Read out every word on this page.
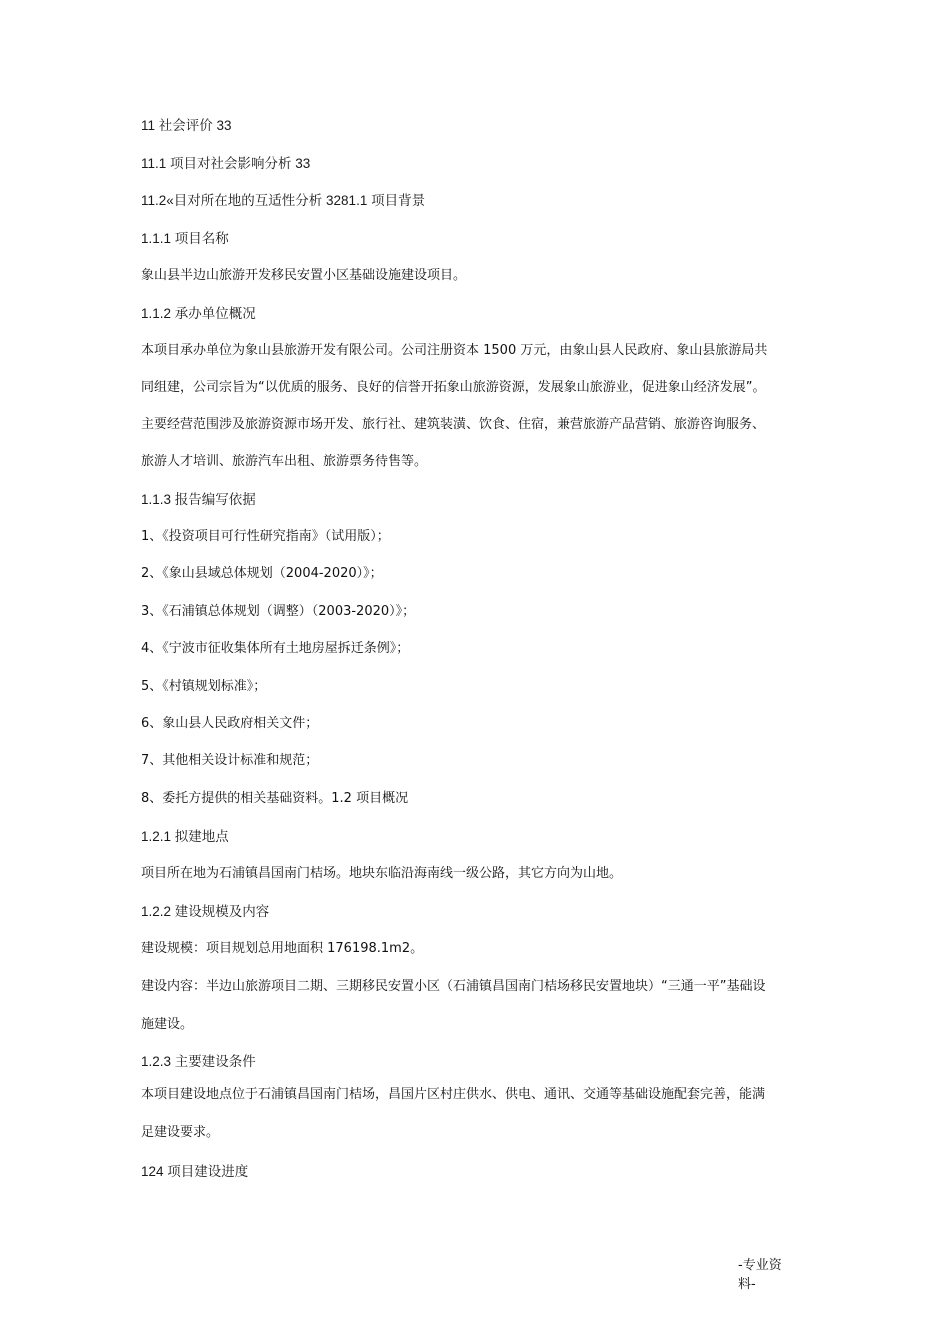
11 社会评价 33
11.1 项目对社会影响分析 33
11.2«目对所在地的互适性分析 3281.1 项目背景
1.1.1 项目名称
象山县半边山旅游开发移民安置小区基础设施建设项目。
1.1.2 承办单位概况
本项目承办单位为象山县旅游开发有限公司。公司注册资本 1500 万元，由象山县人民政府、象山县旅游局共
同组建，公司宗旨为“以优质的服务、良好的信誉开拓象山旅游资源，发展象山旅游业，促进象山经济发展”。
主要经营范围涉及旅游资源市场开发、旅行社、建筑装潢、饮食、住宿，兼营旅游产品营销、旅游咨询服务、
旅游人才培训、旅游汽车出租、旅游票务待售等。
1.1.3 报告编写依据
1、《投资项目可行性研究指南》（试用版）；
2、《象山县域总体规划（2004-2020）》；
3、《石浦镇总体规划（调整）（2003-2020）》；
4、《宁波市征收集体所有土地房屋拆迁条例》；
5、《村镇规划标准》；
6、象山县人民政府相关文件；
7、其他相关设计标准和规范；
8、委托方提供的相关基础资料。1.2 项目概况
1.2.1 拟建地点
项目所在地为石浦镇昌国南门桔场。地块东临沿海南线一级公路，其它方向为山地。
1.2.2 建设规模及内容
建设规模：项目规划总用地面积 176198.1m2。
建设内容：半边山旅游项目二期、三期移民安置小区（石浦镇昌国南门桔场移民安置地块）“三通一平”基础设
施建设。
1.2.3 主要建设条件
本项目建设地点位于石浦镇昌国南门桔场，昌国片区村庄供水、供电、通讯、交通等基础设施配套完善，能满
足建设要求。
124 项目建设进度
-专业资料-
